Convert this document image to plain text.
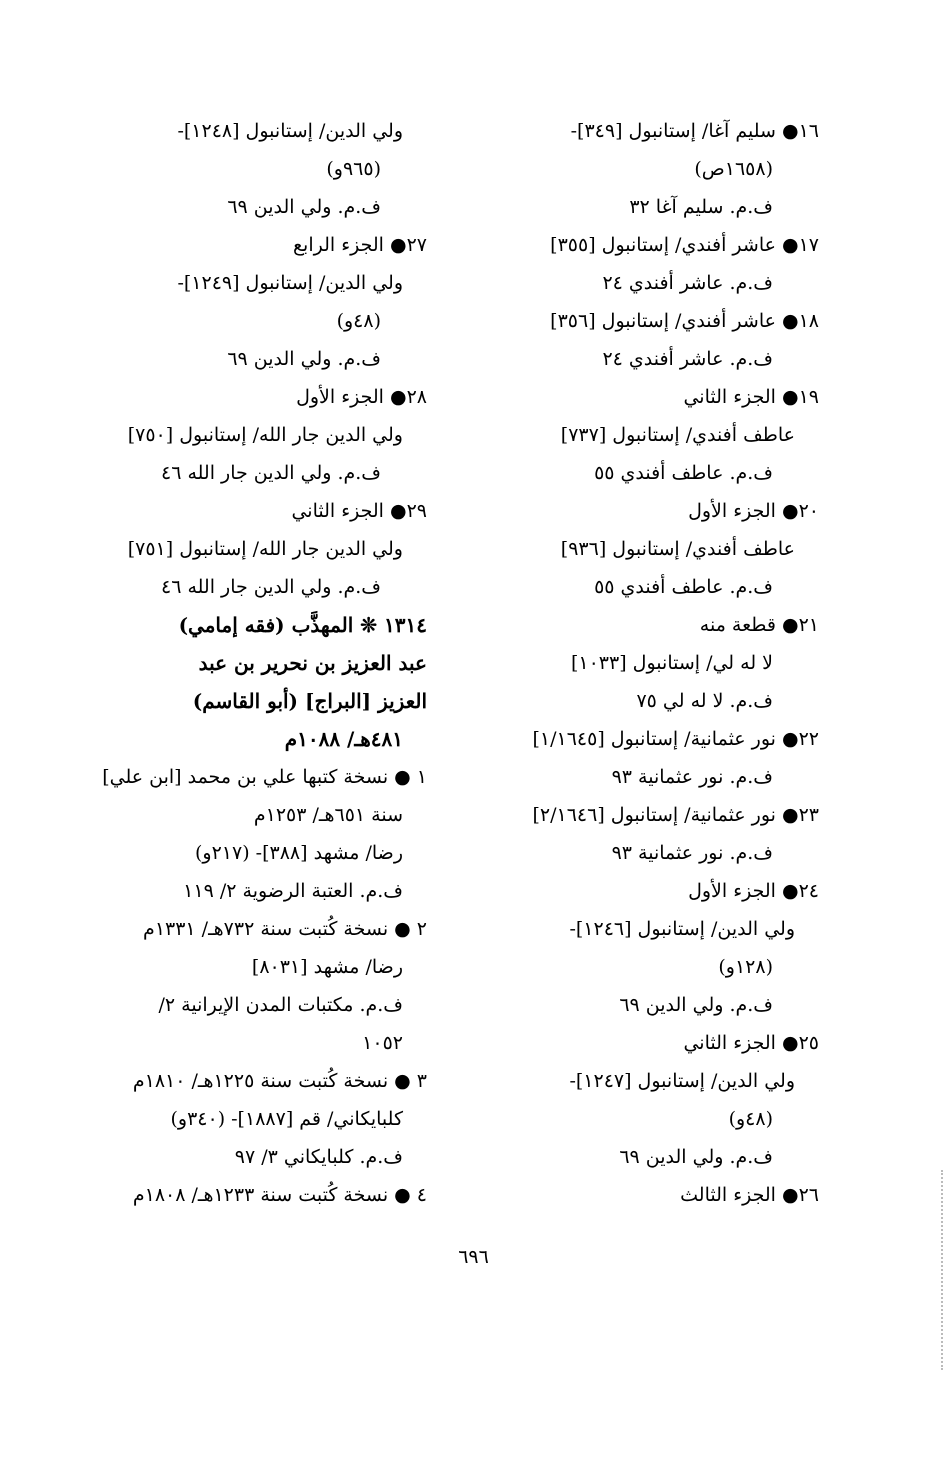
١٦● سليم آغا/ إستانبول [٣٤٩]-
(١٦٥٨ص)
ف.م. سليم آغا ٣٢
١٧● عاشر أفندي/ إستانبول [٣٥٥]
ف.م. عاشر أفندي ٢٤
١٨● عاشر أفندي/ إستانبول [٣٥٦]
ف.م. عاشر أفندي ٢٤
١٩● الجزء الثاني
عاطف أفندي/ إستانبول [٧٣٧]
ف.م. عاطف أفندي ٥٥
٢٠● الجزء الأول
عاطف أفندي/ إستانبول [٩٣٦]
ف.م. عاطف أفندي ٥٥
٢١● قطعة منه
لا له لي/ إستانبول [١٠٣٣]
ف.م. لا له لي ٧٥
٢٢● نور عثمانية/ إستانبول [١/١٦٤٥]
ف.م. نور عثمانية ٩٣
٢٣● نور عثمانية/ إستانبول [٢/١٦٤٦]
ف.م. نور عثمانية ٩٣
٢٤● الجزء الأول
ولي الدين/ إستانبول [١٢٤٦]-
(١٢٨و)
ف.م. ولي الدين ٦٩
٢٥● الجزء الثاني
ولي الدين/ إستانبول [١٢٤٧]-
(٤٨و)
ف.م. ولي الدين ٦٩
٢٦● الجزء الثالث
ولي الدين/ إستانبول [١٢٤٨]-
(٩٦٥و)
ف.م. ولي الدين ٦٩
٢٧● الجزء الرابع
ولي الدين/ إستانبول [١٢٤٩]-
(٤٨و)
ف.م. ولي الدين ٦٩
٢٨● الجزء الأول
ولي الدين جار الله/ إستانبول [٧٥٠]
ف.م. ولي الدين جار الله ٤٦
٢٩● الجزء الثاني
ولي الدين جار الله/ إستانبول [٧٥١]
ف.م. ولي الدين جار الله ٤٦
١٣١٤ ❊ المهذَّب (فقه إمامي)
عبد العزيز بن نحرير بن عبد
العزيز [البراج] (أبو القاسم)
٤٨١هـ/ ١٠٨٨م
١ ● نسخة كتبها علي بن محمد [ابن علي]
سنة ٦٥١هـ/ ١٢٥٣م
رضا/ مشهد [٣٨٨]- (٢١٧و)
ف.م. العتبة الرضوية ٢/ ١١٩
٢ ● نسخة كُتبت سنة ٧٣٢هـ/ ١٣٣١م
رضا/ مشهد [٨٠٣١]
ف.م. مكتبات المدن الإيرانية ٢/
١٠٥٢
٣ ● نسخة كُتبت سنة ١٢٢٥هـ/ ١٨١٠م
كلبايكاني/ قم [١٨٨٧]- (٣٤٠و)
ف.م. كلبايكاني ٣/ ٩٧
٤ ● نسخة كُتبت سنة ١٢٣٣هـ/ ١٨٠٨م
٦٩٦
